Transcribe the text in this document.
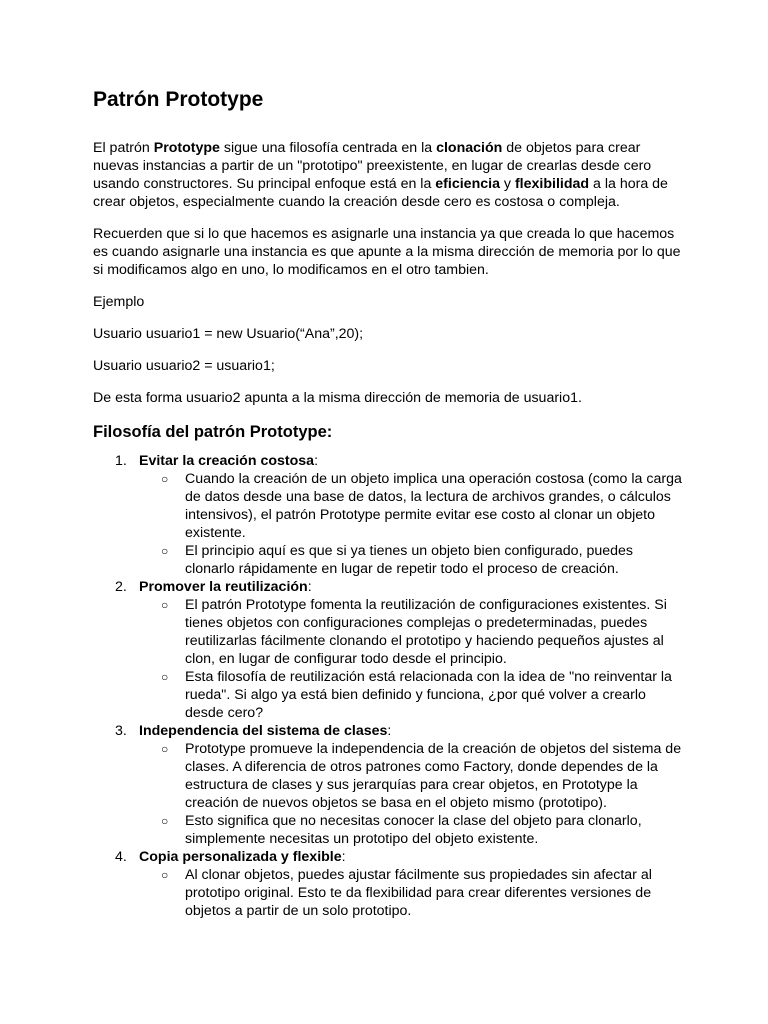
Patrón Prototype

El patrón Prototype sigue una filosofía centrada en la clonación de objetos para crear nuevas instancias a partir de un "prototipo" preexistente, en lugar de crearlas desde cero usando constructores. Su principal enfoque está en la eficiencia y flexibilidad a la hora de crear objetos, especialmente cuando la creación desde cero es costosa o compleja.

Recuerden que si lo que hacemos es asignarle una instancia ya que creada lo que hacemos es cuando asignarle una instancia es que apunte a la misma dirección de memoria por lo que si modificamos algo en uno, lo modificamos en el otro tambien.

Ejemplo

Usuario usuario1 = new Usuario(“Ana”,20);

Usuario usuario2 = usuario1;

De esta forma usuario2 apunta a la misma dirección de memoria de usuario1.

Filosofía del patrón Prototype:
1. Evitar la creación costosa:
○ Cuando la creación de un objeto implica una operación costosa (como la carga de datos desde una base de datos, la lectura de archivos grandes, o cálculos intensivos), el patrón Prototype permite evitar ese costo al clonar un objeto existente.
○ El principio aquí es que si ya tienes un objeto bien configurado, puedes clonarlo rápidamente en lugar de repetir todo el proceso de creación.
2. Promover la reutilización:
○ El patrón Prototype fomenta la reutilización de configuraciones existentes. Si tienes objetos con configuraciones complejas o predeterminadas, puedes reutilizarlas fácilmente clonando el prototipo y haciendo pequeños ajustes al clon, en lugar de configurar todo desde el principio.
○ Esta filosofía de reutilización está relacionada con la idea de "no reinventar la rueda". Si algo ya está bien definido y funciona, ¿por qué volver a crearlo desde cero?
3. Independencia del sistema de clases:
○ Prototype promueve la independencia de la creación de objetos del sistema de clases. A diferencia de otros patrones como Factory, donde dependes de la estructura de clases y sus jerarquías para crear objetos, en Prototype la creación de nuevos objetos se basa en el objeto mismo (prototipo).
○ Esto significa que no necesitas conocer la clase del objeto para clonarlo, simplemente necesitas un prototipo del objeto existente.
4. Copia personalizada y flexible:
○ Al clonar objetos, puedes ajustar fácilmente sus propiedades sin afectar al prototipo original. Esto te da flexibilidad para crear diferentes versiones de objetos a partir de un solo prototipo.
